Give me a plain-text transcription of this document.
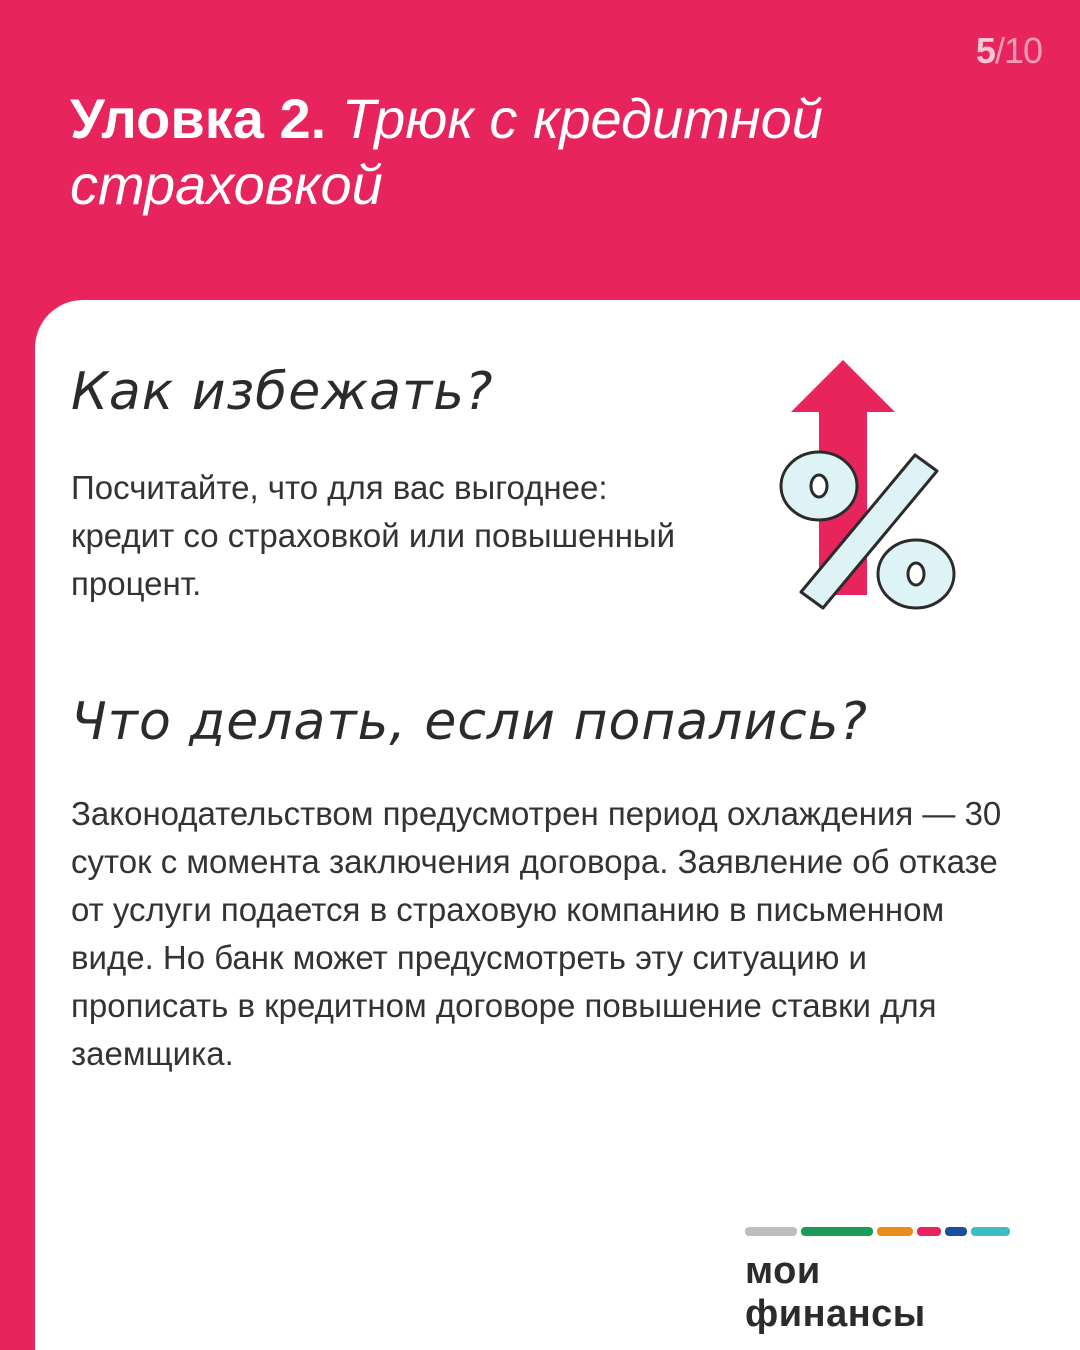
5/10
Уловка 2. Трюк с кредитной страховкой
Как избежать?
Посчитайте, что для вас выгоднее: кредит со страховкой или повышенный процент.
Что делать, если попались?
Законодательством предусмотрен период охлаждения — 30 суток с момента заключения договора. Заявление об отказе от услуги подается в страховую компанию в письменном виде. Но банк может предусмотреть эту ситуацию и прописать в кредитном договоре повышение ставки для заемщика.
мои финансы
